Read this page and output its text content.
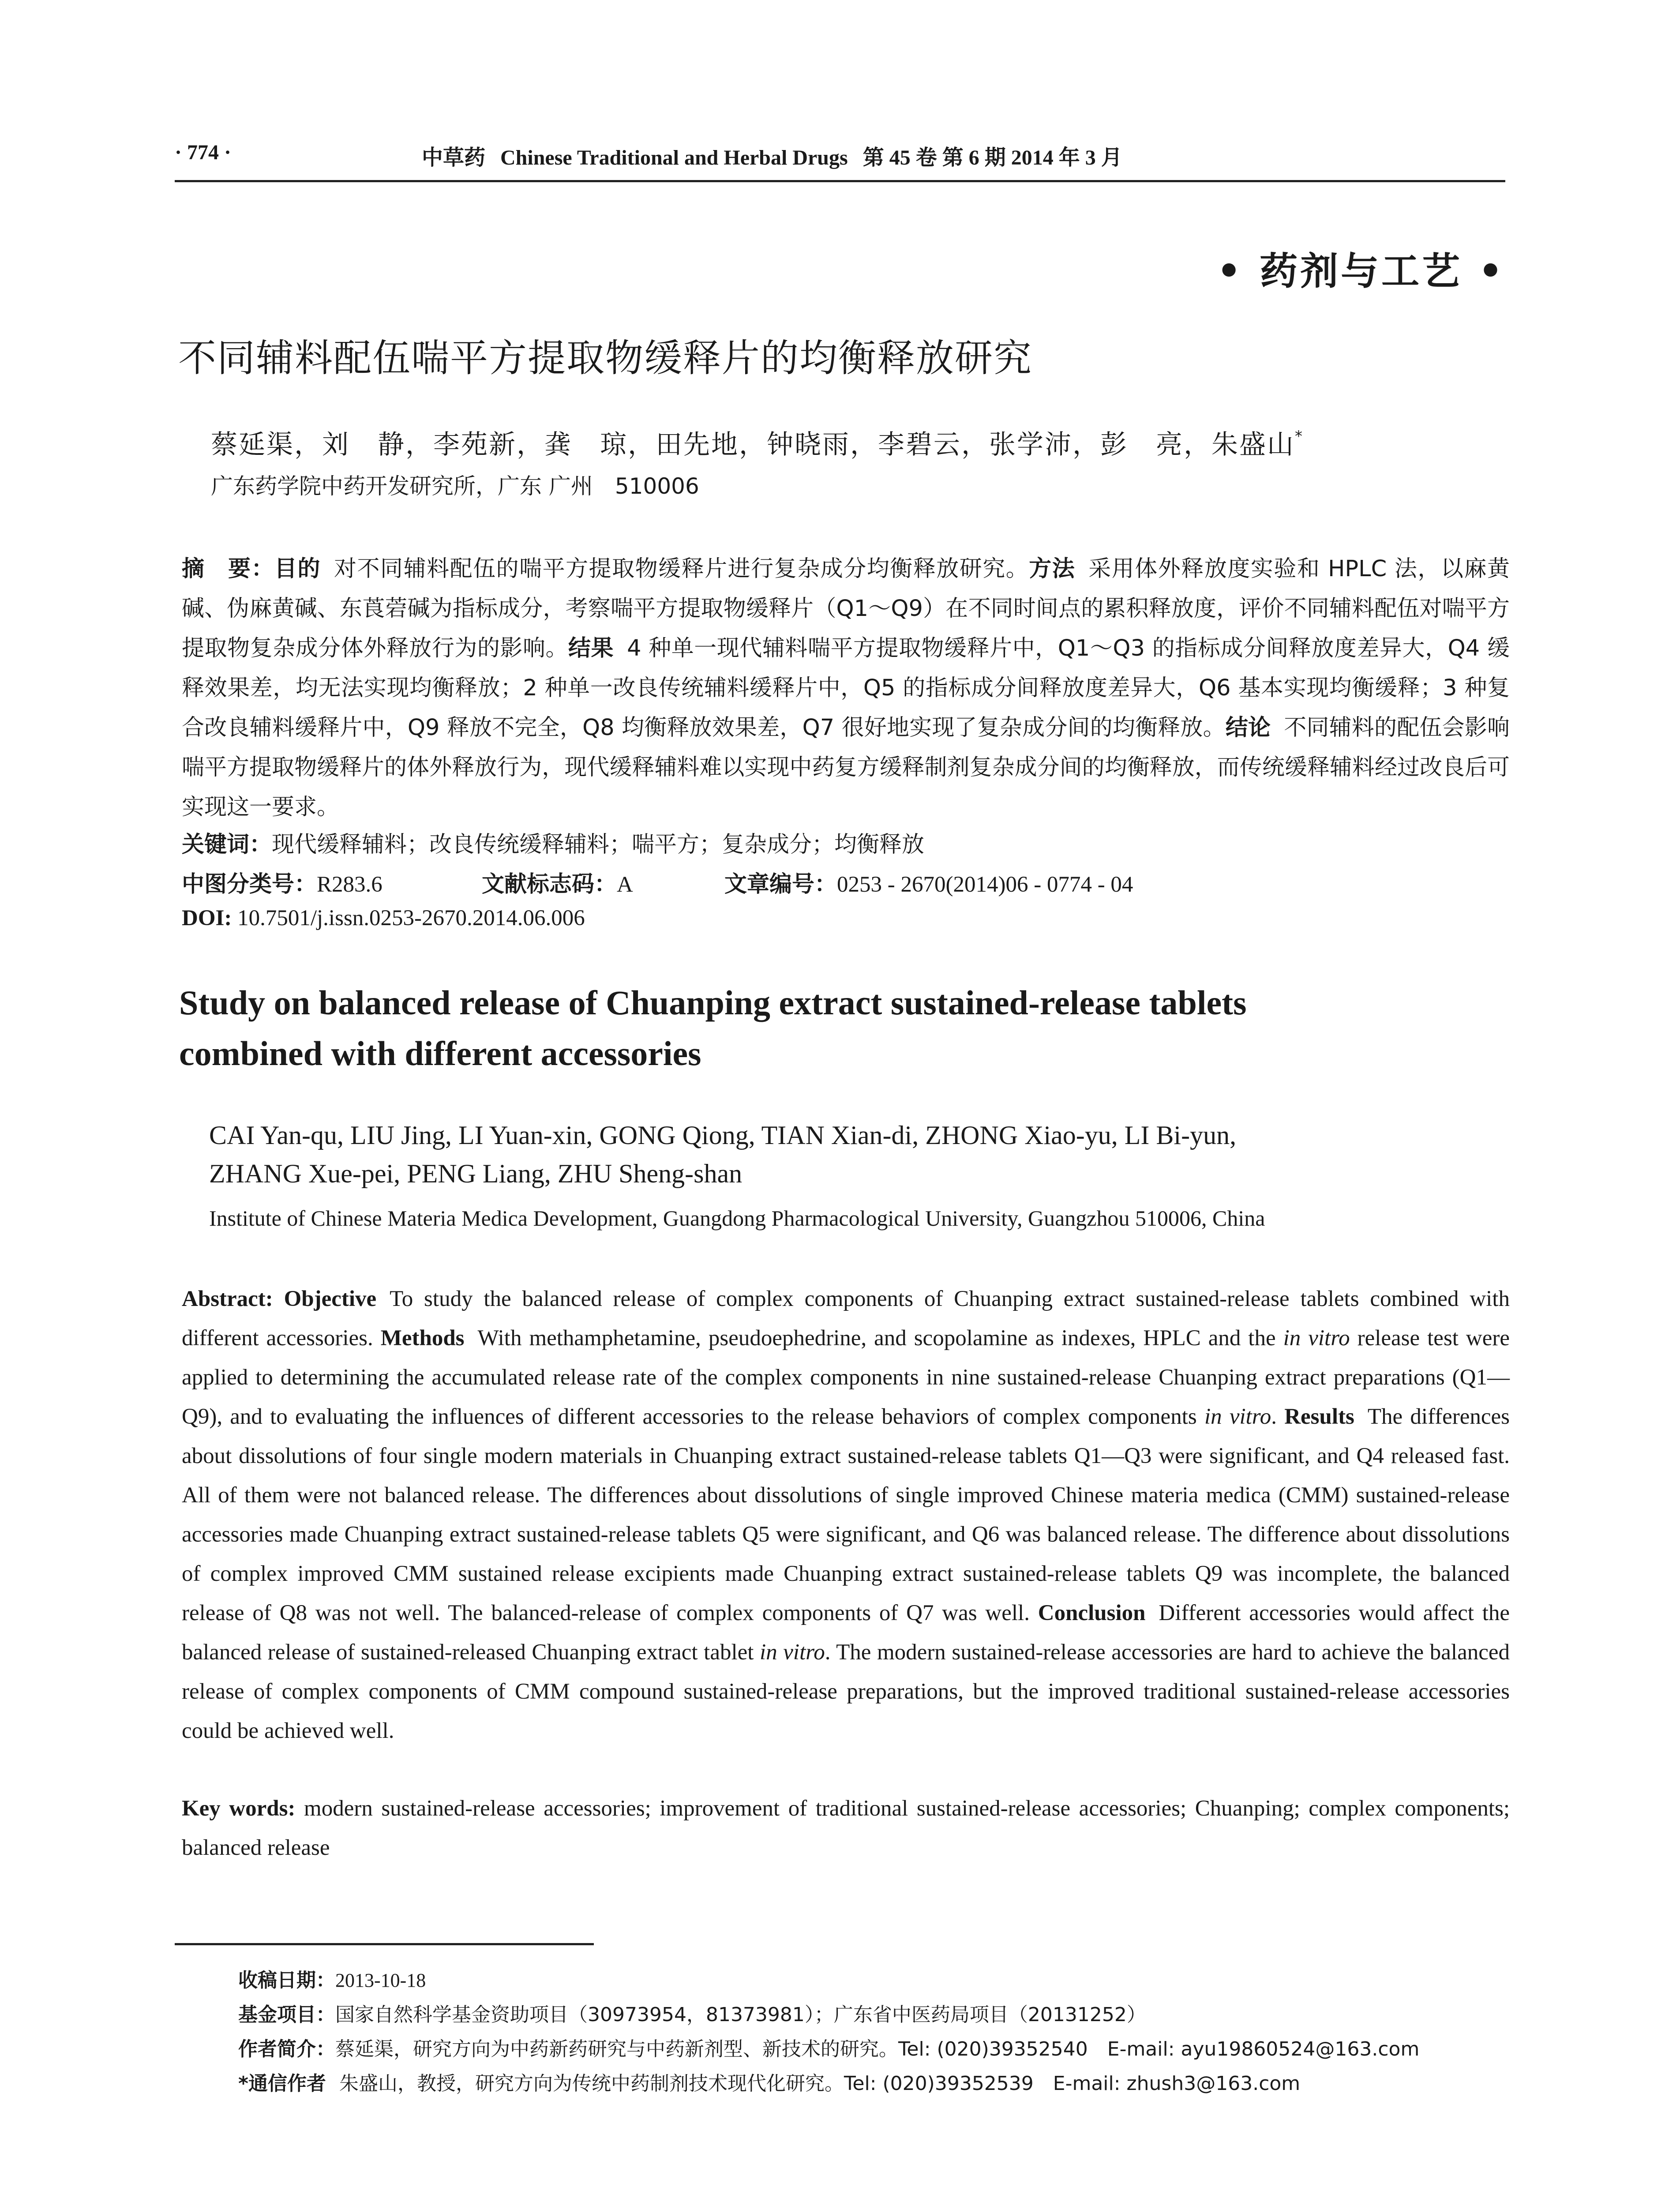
· 774 ·	中草药 Chinese Traditional and Herbal Drugs 第 45 卷 第 6 期 2014 年 3 月
• 药剂与工艺 •
不同辅料配伍喘平方提取物缓释片的均衡释放研究
蔡延渠，刘　静，李苑新，龚　琼，田先地，钟晓雨，李碧云，张学沛，彭　亮，朱盛山*
广东药学院中药开发研究所，广东 广州　510006

摘　要：目的 对不同辅料配伍的喘平方提取物缓释片进行复杂成分均衡释放研究。方法 采用体外释放度实验和 HPLC 法，以麻黄碱、伪麻黄碱、东莨菪碱为指标成分，考察喘平方提取物缓释片（Q1～Q9）在不同时间点的累积释放度，评价不同辅料配伍对喘平方提取物复杂成分体外释放行为的影响。结果 4 种单一现代辅料喘平方提取物缓释片中，Q1～Q3 的指标成分间释放度差异大，Q4 缓释效果差，均无法实现均衡释放；2 种单一改良传统辅料缓释片中，Q5 的指标成分间释放度差异大，Q6 基本实现均衡缓释；3 种复合改良辅料缓释片中，Q9 释放不完全，Q8 均衡释放效果差，Q7 很好地实现了复杂成分间的均衡释放。结论 不同辅料的配伍会影响喘平方提取物缓释片的体外释放行为，现代缓释辅料难以实现中药复方缓释制剂复杂成分间的均衡释放，而传统缓释辅料经过改良后可实现这一要求。

关键词：现代缓释辅料；改良传统缓释辅料；喘平方；复杂成分；均衡释放
中图分类号：R283.6	文献标志码：A	文章编号：0253 - 2670(2014)06 - 0774 - 04
DOI: 10.7501/j.issn.0253-2670.2014.06.006
Study on balanced release of Chuanping extract sustained-release tablets
combined with different accessories

CAI Yan-qu, LIU Jing, LI Yuan-xin, GONG Qiong, TIAN Xian-di, ZHONG Xiao-yu, LI Bi-yun,
ZHANG Xue-pei, PENG Liang, ZHU Sheng-shan

Institute of Chinese Materia Medica Development, Guangdong Pharmacological University, Guangzhou 510006, China

Abstract: Objective To study the balanced release of complex components of Chuanping extract sustained-release tablets combined with different accessories. Methods With methamphetamine, pseudoephedrine, and scopolamine as indexes, HPLC and the in vitro release test were applied to determining the accumulated release rate of the complex components in nine sustained-release Chuanping extract preparations (Q1—Q9), and to evaluating the influences of different accessories to the release behaviors of complex components in vitro. Results The differences about dissolutions of four single modern materials in Chuanping extract sustained-release tablets Q1—Q3 were significant, and Q4 released fast. All of them were not balanced release. The differences about dissolutions of single improved Chinese materia medica (CMM) sustained-release accessories made Chuanping extract sustained-release tablets Q5 were significant, and Q6 was balanced release. The difference about dissolutions of complex improved CMM sustained release excipients made Chuanping extract sustained-release tablets Q9 was incomplete, the balanced release of Q8 was not well. The balanced-release of complex components of Q7 was well. Conclusion Different accessories would affect the balanced release of sustained-released Chuanping extract tablet in vitro. The modern sustained-release accessories are hard to achieve the balanced release of complex components of CMM compound sustained-release preparations, but the improved traditional sustained-release accessories could be achieved well.

Key words: modern sustained-release accessories; improvement of traditional sustained-release accessories; Chuanping; complex components; balanced release

收稿日期：2013-10-18
基金项目：国家自然科学基金资助项目（30973954，81373981）；广东省中医药局项目（20131252）
作者简介：蔡延渠，研究方向为中药新药研究与中药新剂型、新技术的研究。Tel: (020)39352540　E-mail: ayu19860524@163.com
*通信作者 朱盛山，教授，研究方向为传统中药制剂技术现代化研究。Tel: (020)39352539　E-mail: zhush3@163.com
